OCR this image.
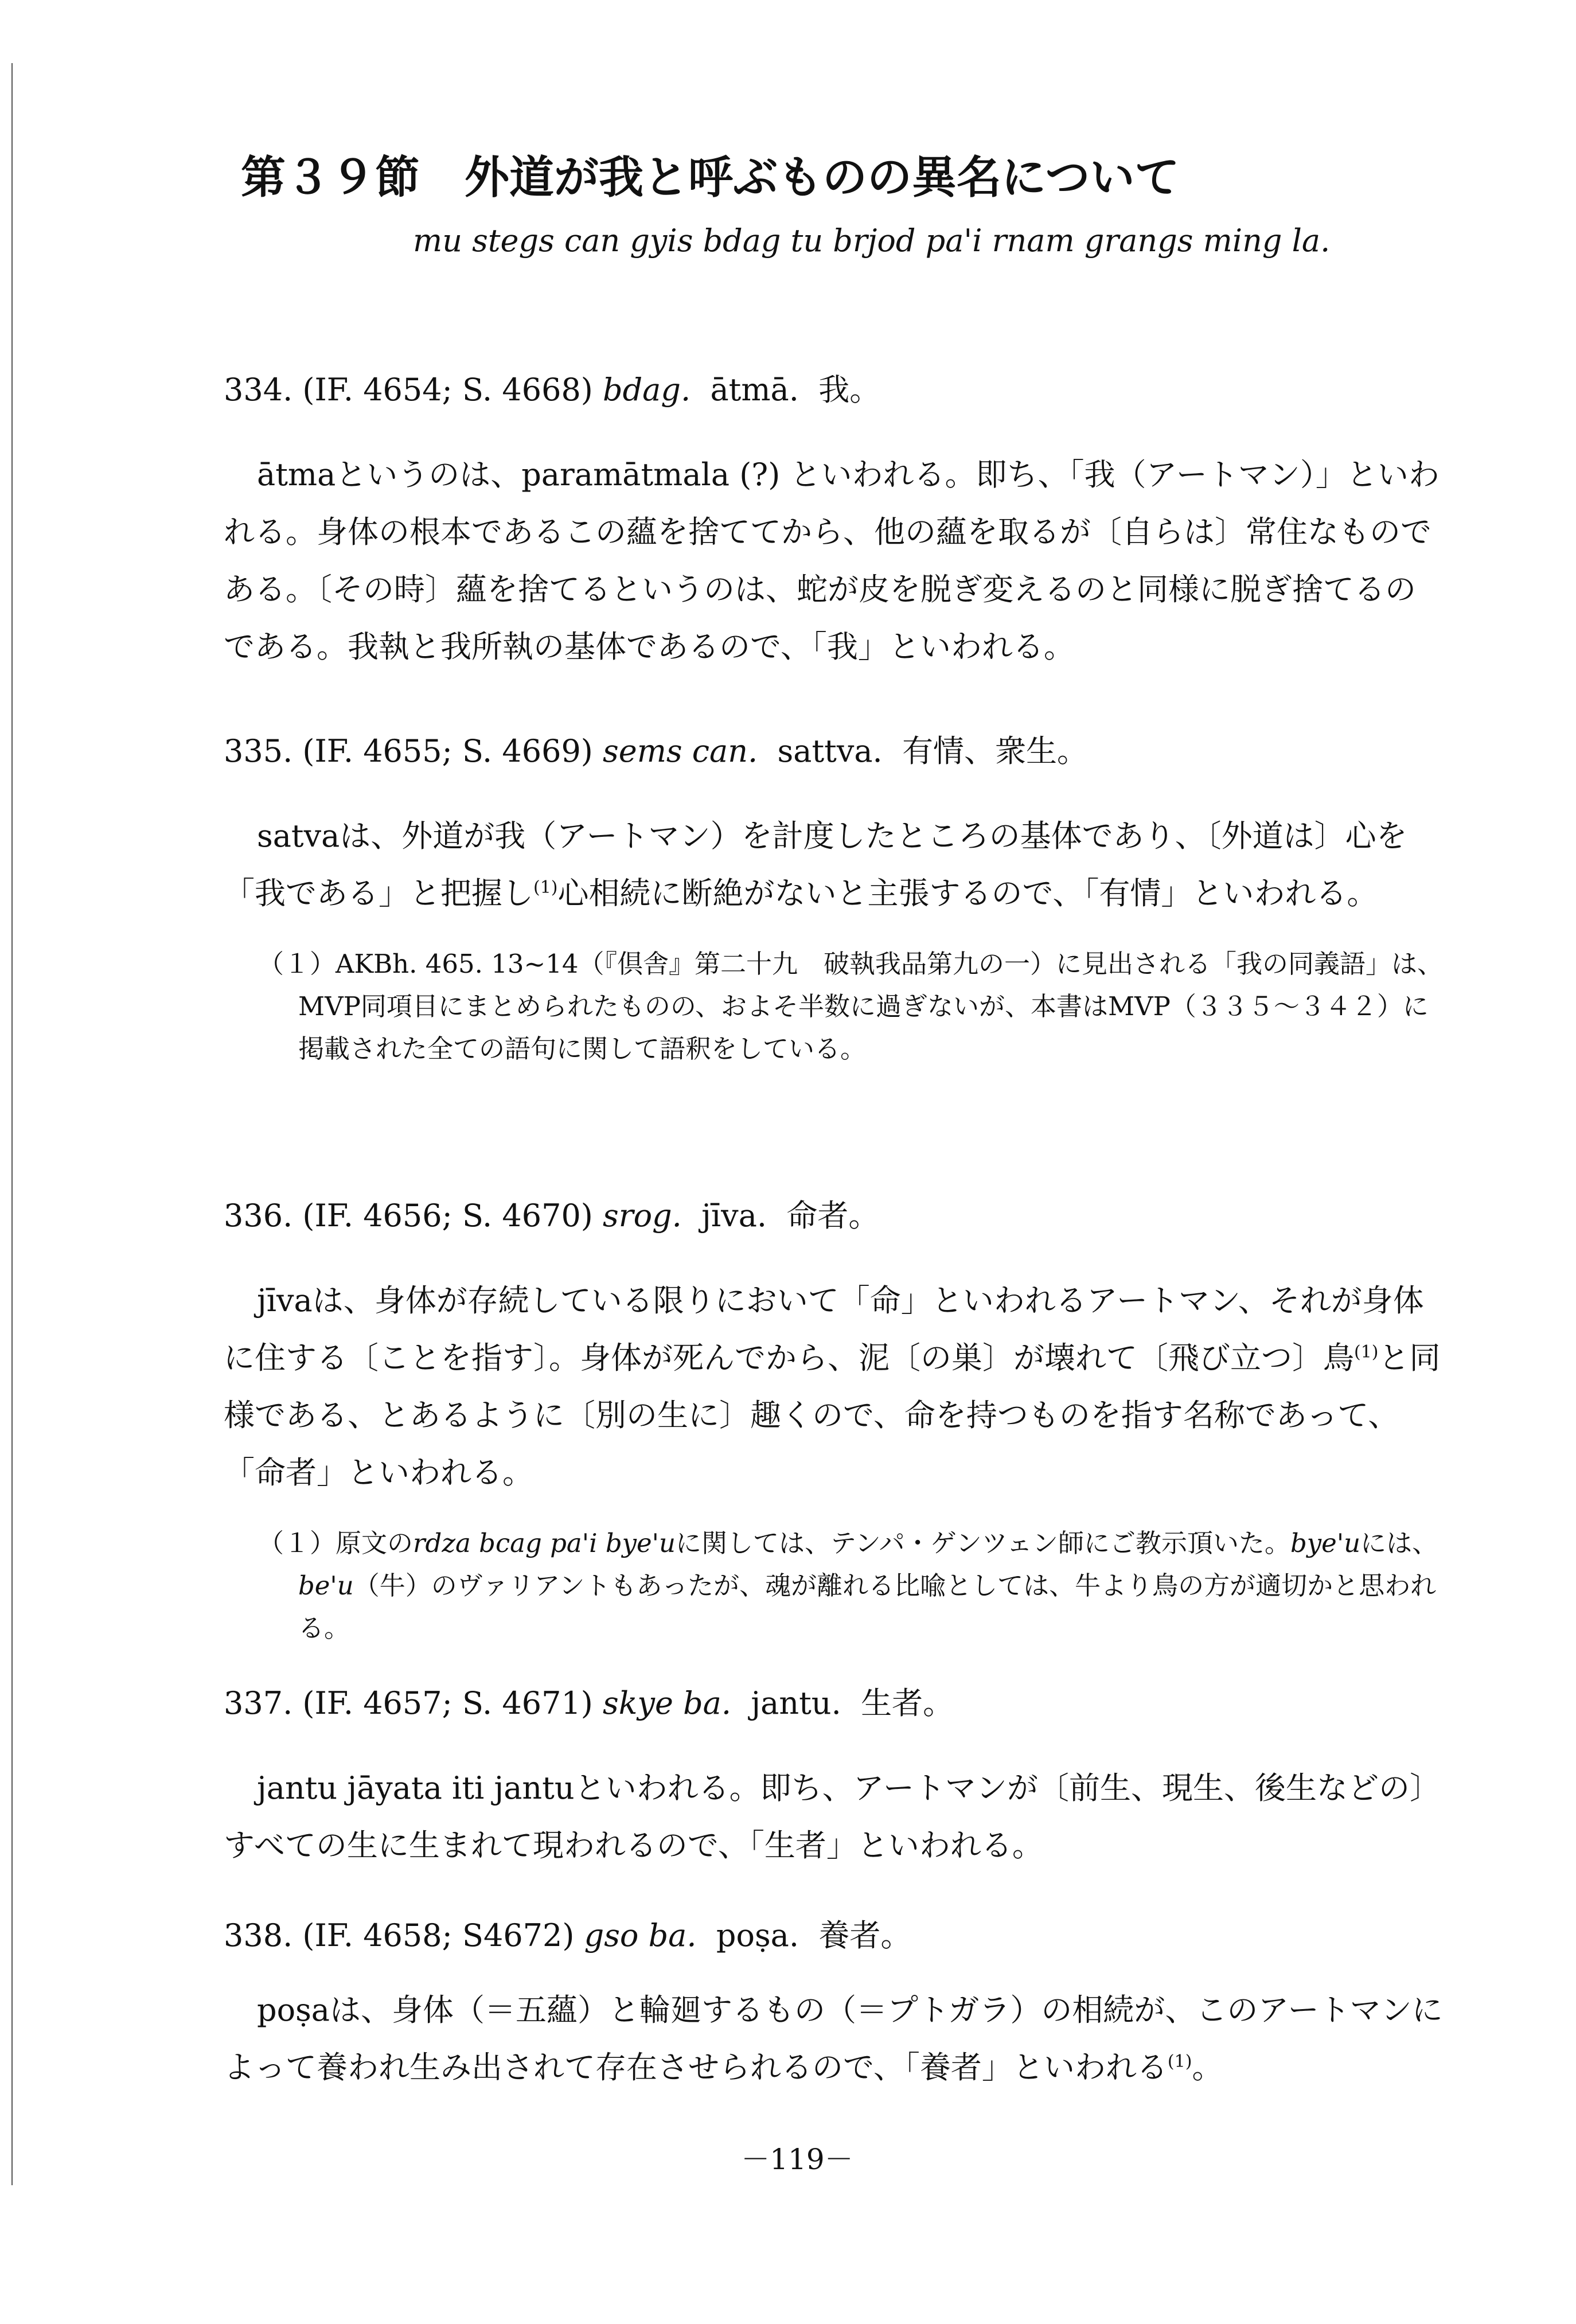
第３９節　外道が我と呼ぶものの異名について
mu stegs can gyis bdag tu brjod pa'i rnam grangs ming la.
334. (IF. 4654; S. 4668) bdag. ātmā. 我。
ātmaというのは、paramātmala (?) といわれる。即ち、「我（アートマン）」といわれる。身体の根本であるこの蘊を捨ててから、他の蘊を取るが〔自らは〕常住なものである。〔その時〕蘊を捨てるというのは、蛇が皮を脱ぎ変えるのと同様に脱ぎ捨てるのである。我執と我所執の基体であるので、「我」といわれる。
335. (IF. 4655; S. 4669) sems can. sattva. 有情、衆生。
satvaは、外道が我（アートマン）を計度したところの基体であり、〔外道は〕心を「我である」と把握し$^{(1)}$心相続に断絶がないと主張するので、「有情」といわれる。
（１）AKBh. 465. 13~14（『倶舎』第二十九　破執我品第九の一）に見出される「我の同義語」は、MVP同項目にまとめられたものの、およそ半数に過ぎないが、本書はMVP（３３５～３４２）に掲載された全ての語句に関して語釈をしている。
336. (IF. 4656; S. 4670) srog. jīva. 命者。
jīvaは、身体が存続している限りにおいて「命」といわれるアートマン、それが身体に住する〔ことを指す〕。身体が死んでから、泥〔の巣〕が壊れて〔飛び立つ〕鳥$^{(1)}$と同様である、とあるように〔別の生に〕趣くので、命を持つものを指す名称であって、「命者」といわれる。
（１）原文のrdza bcag pa'i bye'uに関しては、テンパ・ゲンツェン師にご教示頂いた。bye'uには、be'u（牛）のヴァリアントもあったが、魂が離れる比喩としては、牛より鳥の方が適切かと思われる。
337. (IF. 4657; S. 4671) skye ba. jantu. 生者。
jantu jāyata iti jantuといわれる。即ち、アートマンが〔前生、現生、後生などの〕すべての生に生まれて現われるので、「生者」といわれる。
338. (IF. 4658; S4672) gso ba. poṣa. 養者。
poṣaは、身体（＝五蘊）と輪廻するもの（＝プトガラ）の相続が、このアートマンによって養われ生み出されて存在させられるので、「養者」といわれる$^{(1)}$。
－119－
